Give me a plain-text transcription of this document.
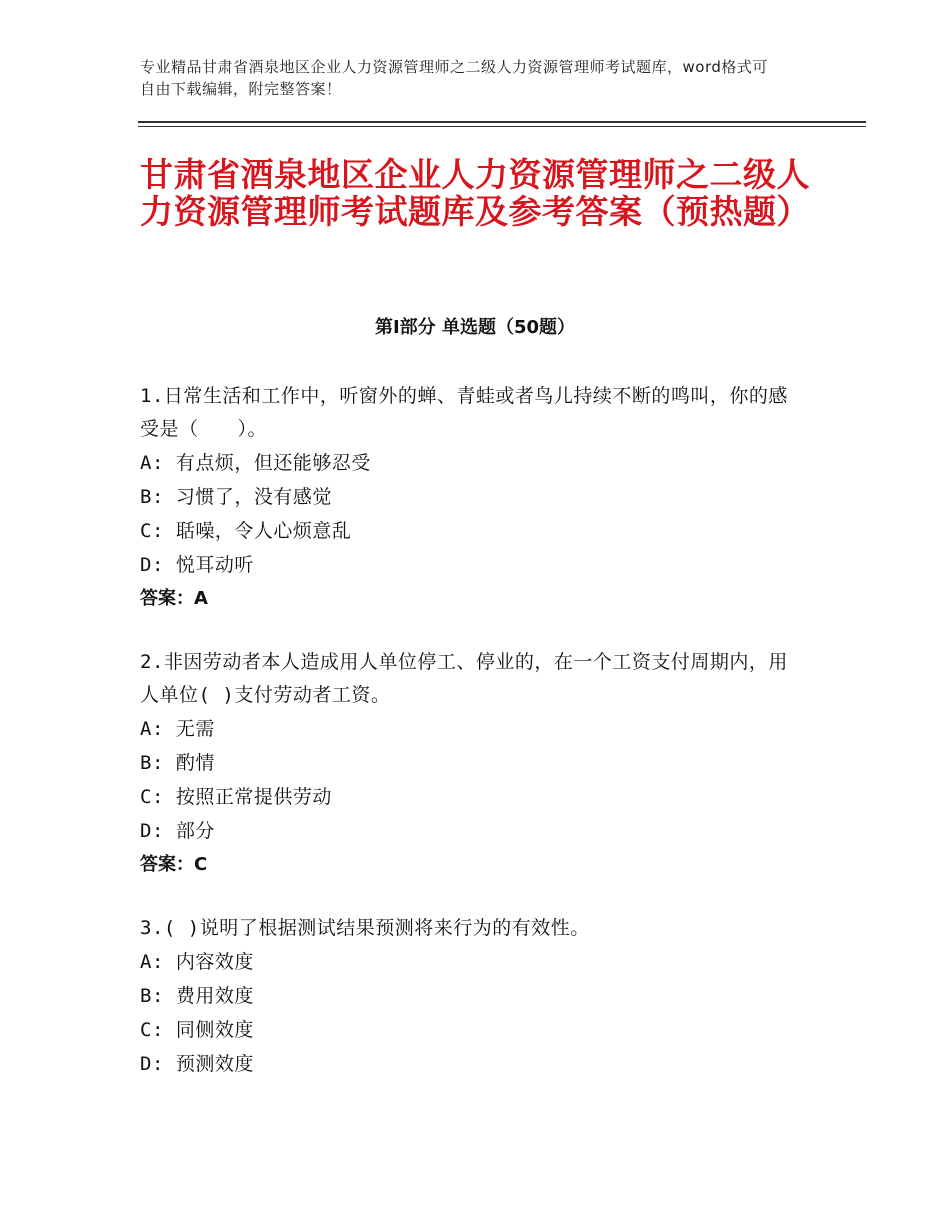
专业精品甘肃省酒泉地区企业人力资源管理师之二级人力资源管理师考试题库，word格式可自由下载编辑，附完整答案！
甘肃省酒泉地区企业人力资源管理师之二级人力资源管理师考试题库及参考答案（预热题）
第Ⅰ部分 单选题（50题）
1.日常生活和工作中，听窗外的蝉、青蛙或者鸟儿持续不断的鸣叫，你的感受是（　　）。
A: 有点烦，但还能够忍受
B: 习惯了，没有感觉
C: 聒噪，令人心烦意乱
D: 悦耳动听
答案：A
2.非因劳动者本人造成用人单位停工、停业的，在一个工资支付周期内，用人单位( )支付劳动者工资。
A: 无需
B: 酌情
C: 按照正常提供劳动
D: 部分
答案：C
3.( )说明了根据测试结果预测将来行为的有效性。
A: 内容效度
B: 费用效度
C: 同侧效度
D: 预测效度
